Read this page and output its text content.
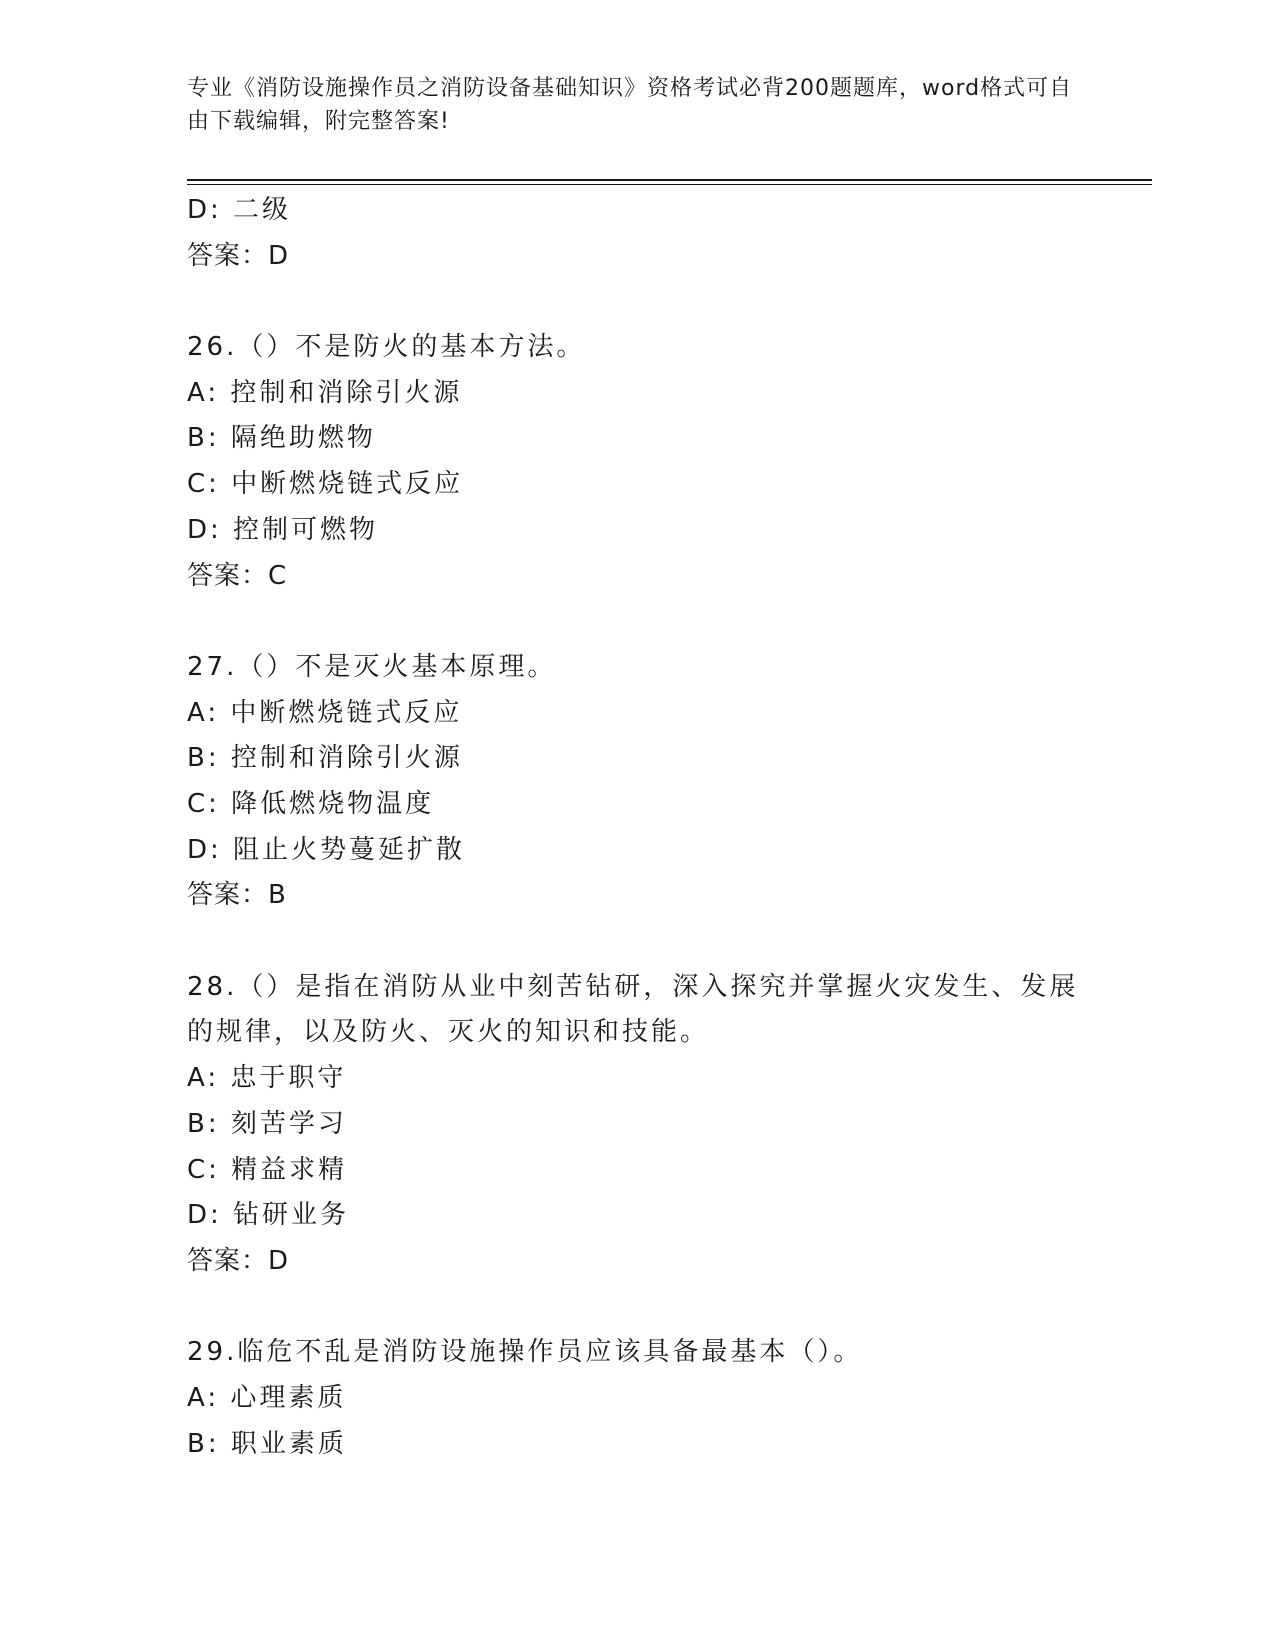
专业《消防设施操作员之消防设备基础知识》资格考试必背200题题库，word格式可自由下载编辑，附完整答案!
D: 二级
答案：D
26.（）不是防火的基本方法。
A: 控制和消除引火源
B: 隔绝助燃物
C: 中断燃烧链式反应
D: 控制可燃物
答案：C
27.（）不是灭火基本原理。
A: 中断燃烧链式反应
B: 控制和消除引火源
C: 降低燃烧物温度
D: 阻止火势蔓延扩散
答案：B
28.（）是指在消防从业中刻苦钻研，深入探究并掌握火灾发生、发展的规律，以及防火、灭火的知识和技能。
A: 忠于职守
B: 刻苦学习
C: 精益求精
D: 钻研业务
答案：D
29.临危不乱是消防设施操作员应该具备最基本（）。
A: 心理素质
B: 职业素质
